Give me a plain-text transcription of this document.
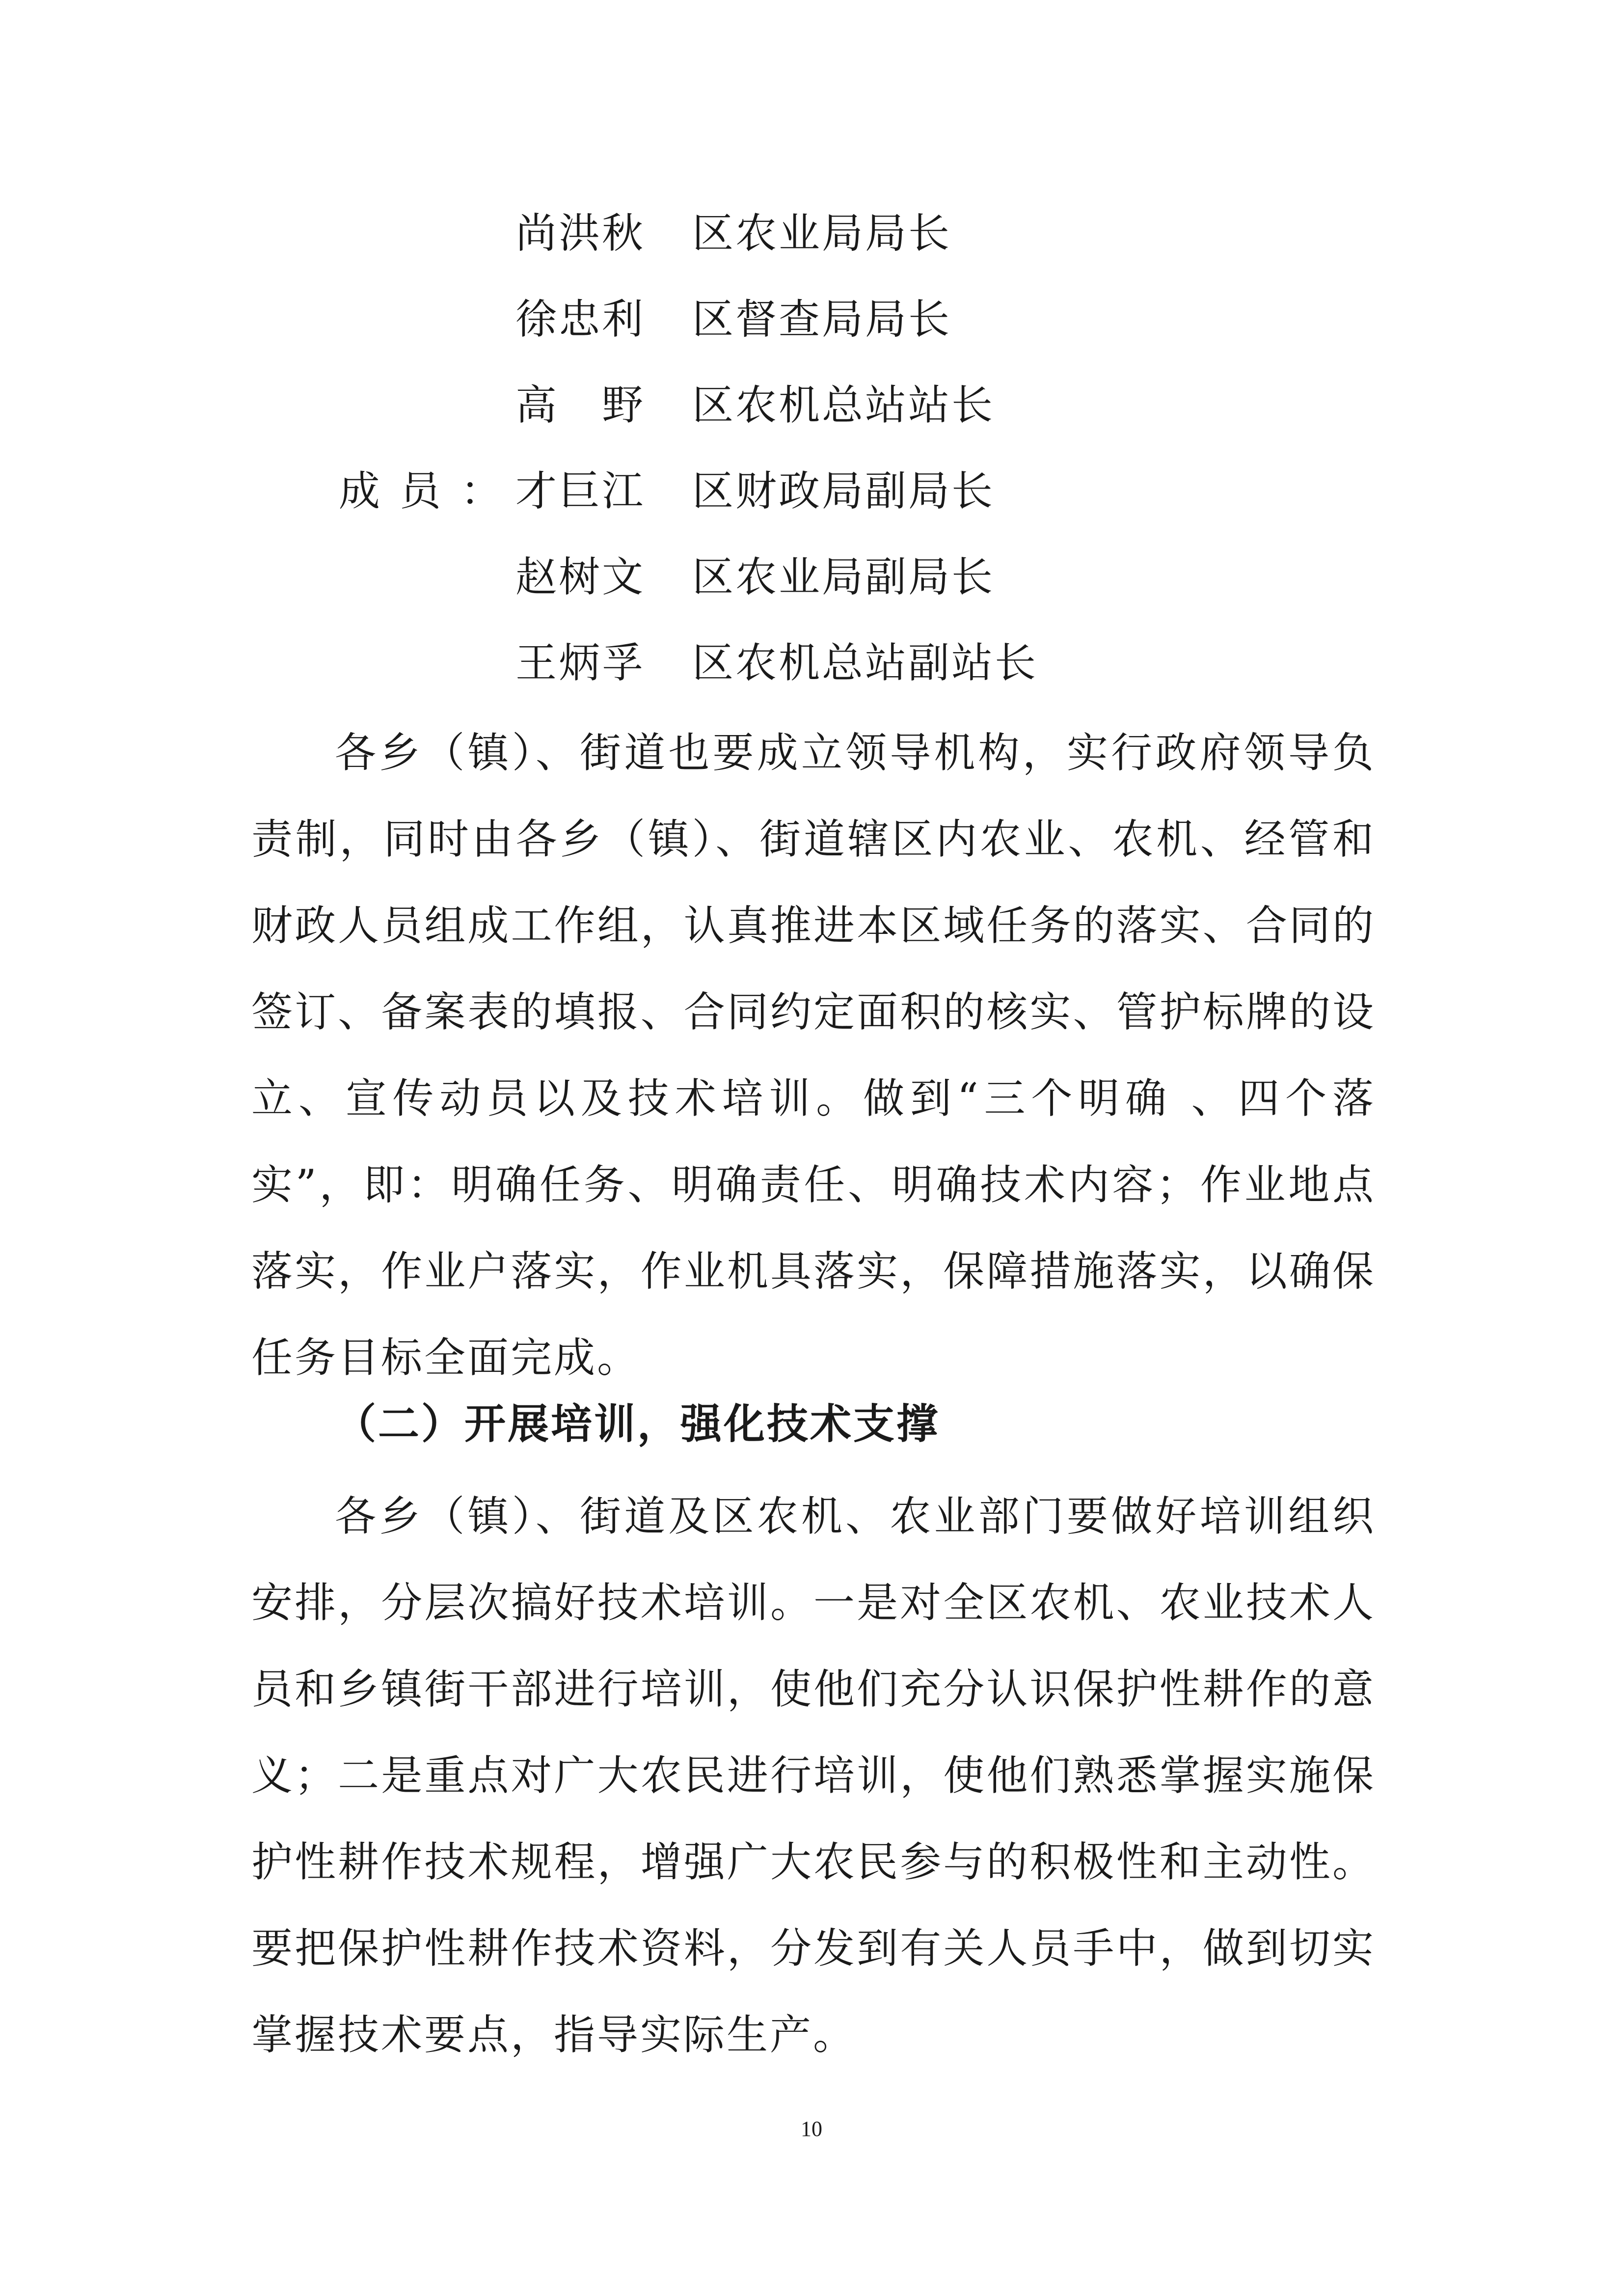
尚洪秋 区农业局局长
徐忠利 区督查局局长
高　野 区农机总站站长
成员：
才巨江 区财政局副局长
赵树文 区农业局副局长
王炳孚 区农机总站副站长

各乡（镇）、街道也要成立领导机构，实行政府领导负责制，同时由各乡（镇）、街道辖区内农业、农机、经管和财政人员组成工作组，认真推进本区域任务的落实、合同的签订、备案表的填报、合同约定面积的核实、管护标牌的设立、宣传动员以及技术培训。做到“三个明确 、四个落实”，即：明确任务、明确责任、明确技术内容；作业地点落实，作业户落实，作业机具落实，保障措施落实，以确保任务目标全面完成。

（二）开展培训，强化技术支撑

各乡（镇）、街道及区农机、农业部门要做好培训组织安排，分层次搞好技术培训。一是对全区农机、农业技术人员和乡镇街干部进行培训，使他们充分认识保护性耕作的意义；二是重点对广大农民进行培训，使他们熟悉掌握实施保护性耕作技术规程，增强广大农民参与的积极性和主动性。要把保护性耕作技术资料，分发到有关人员手中，做到切实掌握技术要点，指导实际生产。

10
